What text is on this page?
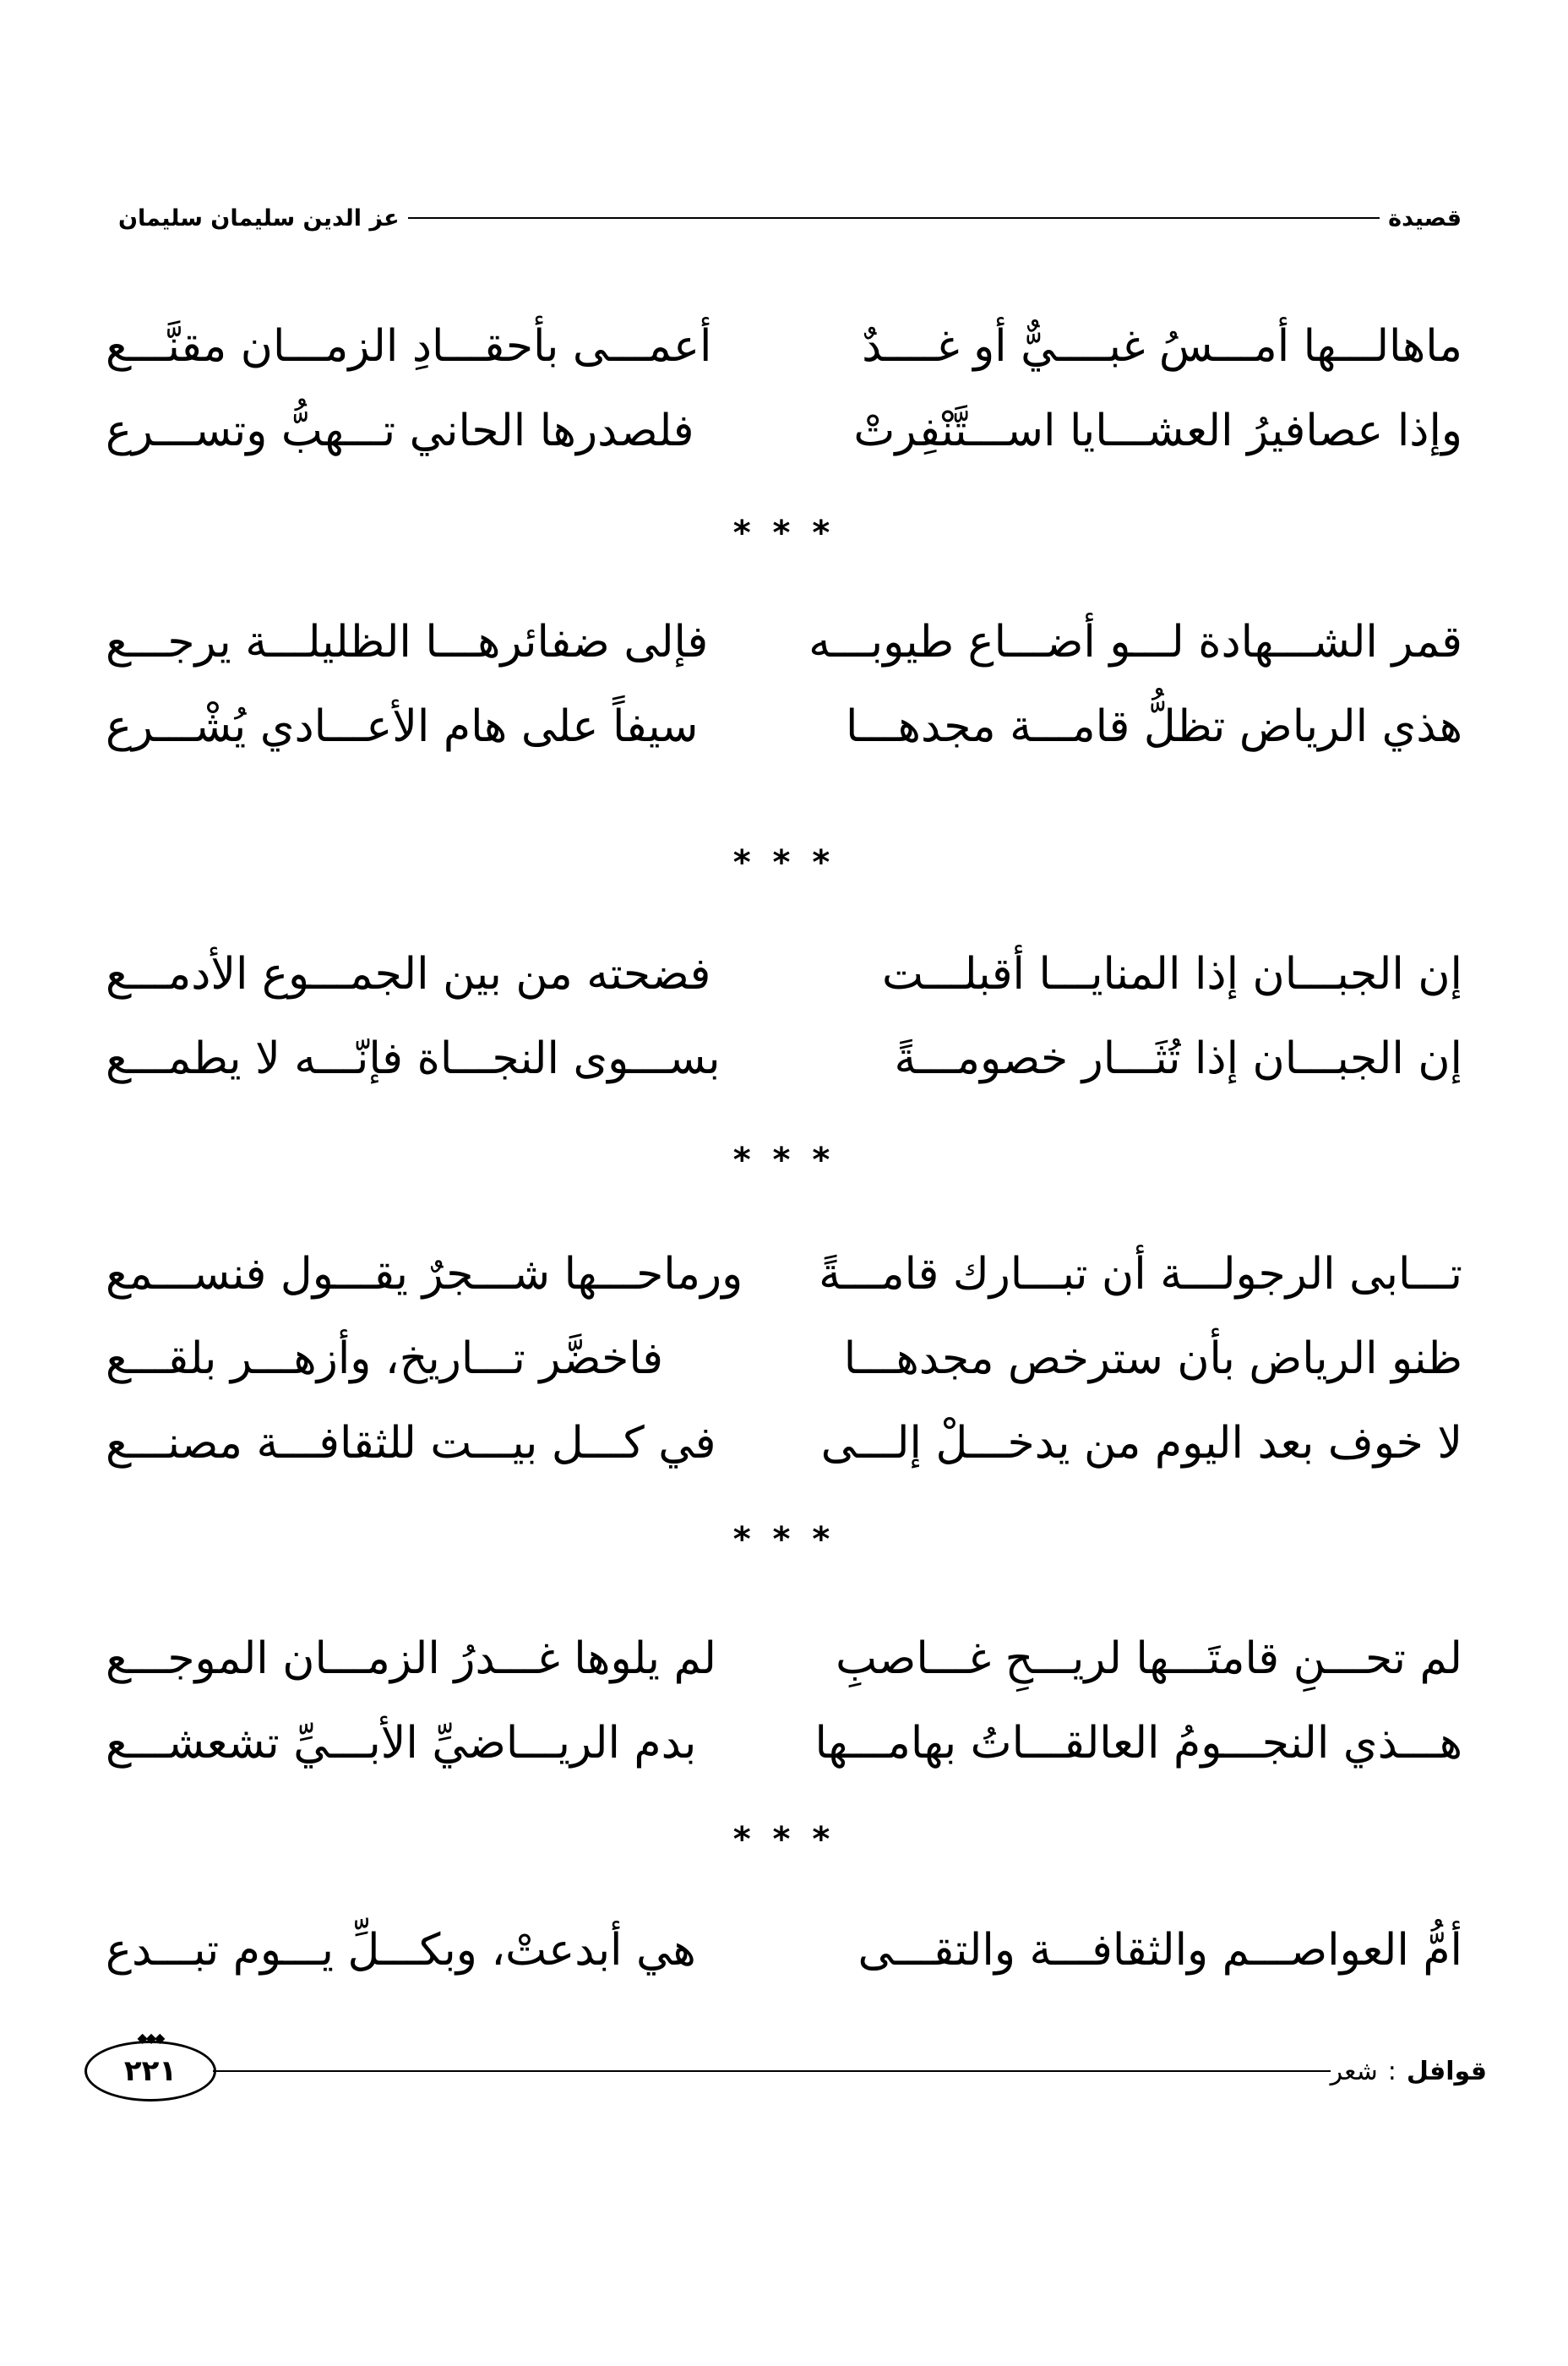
قصيدة
عز الدين سليمان سليمان
ماهالـــها أمـــسُ غبــــيٌّ أو غــــدٌ
أعمـــى بأحقـــادِ الزمـــان مقنَّـــع
وإذا عصافيرُ العشـــايا اســـتَّنْفِرتْ
فلصدرها الحاني تـــهبُّ وتســـرع
* * *
قمر الشـــهادة لـــو أضـــاع طيوبـــه
فإلى ضفائرهـــا الظليلـــة يرجـــع
هذي الرياض تظلُّ قامـــة مجدهـــا
سيفاً على هام الأعـــادي يُشْـــرع
* * *
إن الجبـــان إذا المنايـــا أقبلـــت
فضحته من بين الجمـــوع الأدمـــع
إن الجبـــان إذا تُثَـــار خصومـــةً
بســـوى النجـــاة فإنّـــه لا يطمـــع
* * *
تـــابى الرجولـــة أن تبـــارك قامـــةً
ورماحـــها شـــجرٌ يقـــول فنســـمع
ظنو الرياض بأن سترخص مجدهـــا
فاخضَّر تـــاريخ، وأزهـــر بلقـــع
لا خوف بعد اليوم من يدخـــلْ إلـــى
في كـــل بيـــت للثقافـــة مصنـــع
* * *
لم تحـــنِ قامتَـــها لريـــحِ غـــاصبِ
لم يلوها غـــدرُ الزمـــان الموجـــع
هـــذي النجـــومُ العالقـــاتُ بهامـــها
بدم الريـــاضيِّ الأبـــيِّ تشعشـــع
* * *
أمُّ العواصـــم والثقافـــة والتقـــى
هي أبدعتْ، وبكـــلِّ يـــوم تبـــدع
قوافل
:
شعر
◆◆◆
٢٢١
